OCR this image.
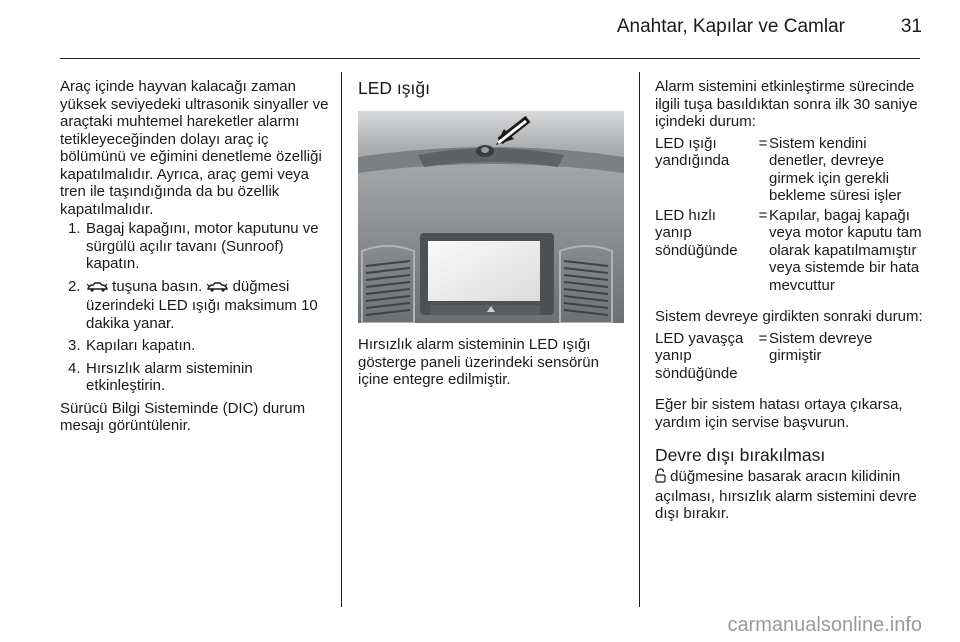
Anahtar, Kapılar ve Camlar	31

Araç içinde hayvan kalacağı zaman yüksek seviyedeki ultrasonik sinyaller ve araçtaki muhtemel hareketler alarmı tetikleyeceğinden dolayı araç iç bölümünü ve eğimini denetleme özelliği kapatılmalıdır. Ayrıca, araç gemi veya tren ile taşındığında da bu özellik kapatılmalıdır.

1. Bagaj kapağını, motor kaputunu ve sürgülü açılır tavanı (Sunroof) kapatın.
2. tuşuna basın. düğmesi üzerindeki LED ışığı maksimum 10 dakika yanar.
3. Kapıları kapatın.
4. Hırsızlık alarm sisteminin etkinleştirin.

Sürücü Bilgi Sisteminde (DIC) durum mesajı görüntülenir.

LED ışığı

Hırsızlık alarm sisteminin LED ışığı gösterge paneli üzerindeki sensörün içine entegre edilmiştir.

Alarm sistemini etkinleştirme sürecinde ilgili tuşa basıldıktan sonra ilk 30 saniye içindeki durum:

LED ışığı yandığında	=	Sistem kendini denetler, devreye girmek için gerekli bekleme süresi işler
LED hızlı yanıp söndüğünde	=	Kapılar, bagaj kapağı veya motor kaputu tam olarak kapatılmamıştır veya sistemde bir hata mevcuttur

Sistem devreye girdikten sonraki durum:

LED yavaşça yanıp söndüğünde	=	Sistem devreye girmiştir

Eğer bir sistem hatası ortaya çıkarsa, yardım için servise başvurun.

Devre dışı bırakılması

düğmesine basarak aracın kilidinin açılması, hırsızlık alarm sistemini devre dışı bırakır.

carmanualsonline.info
